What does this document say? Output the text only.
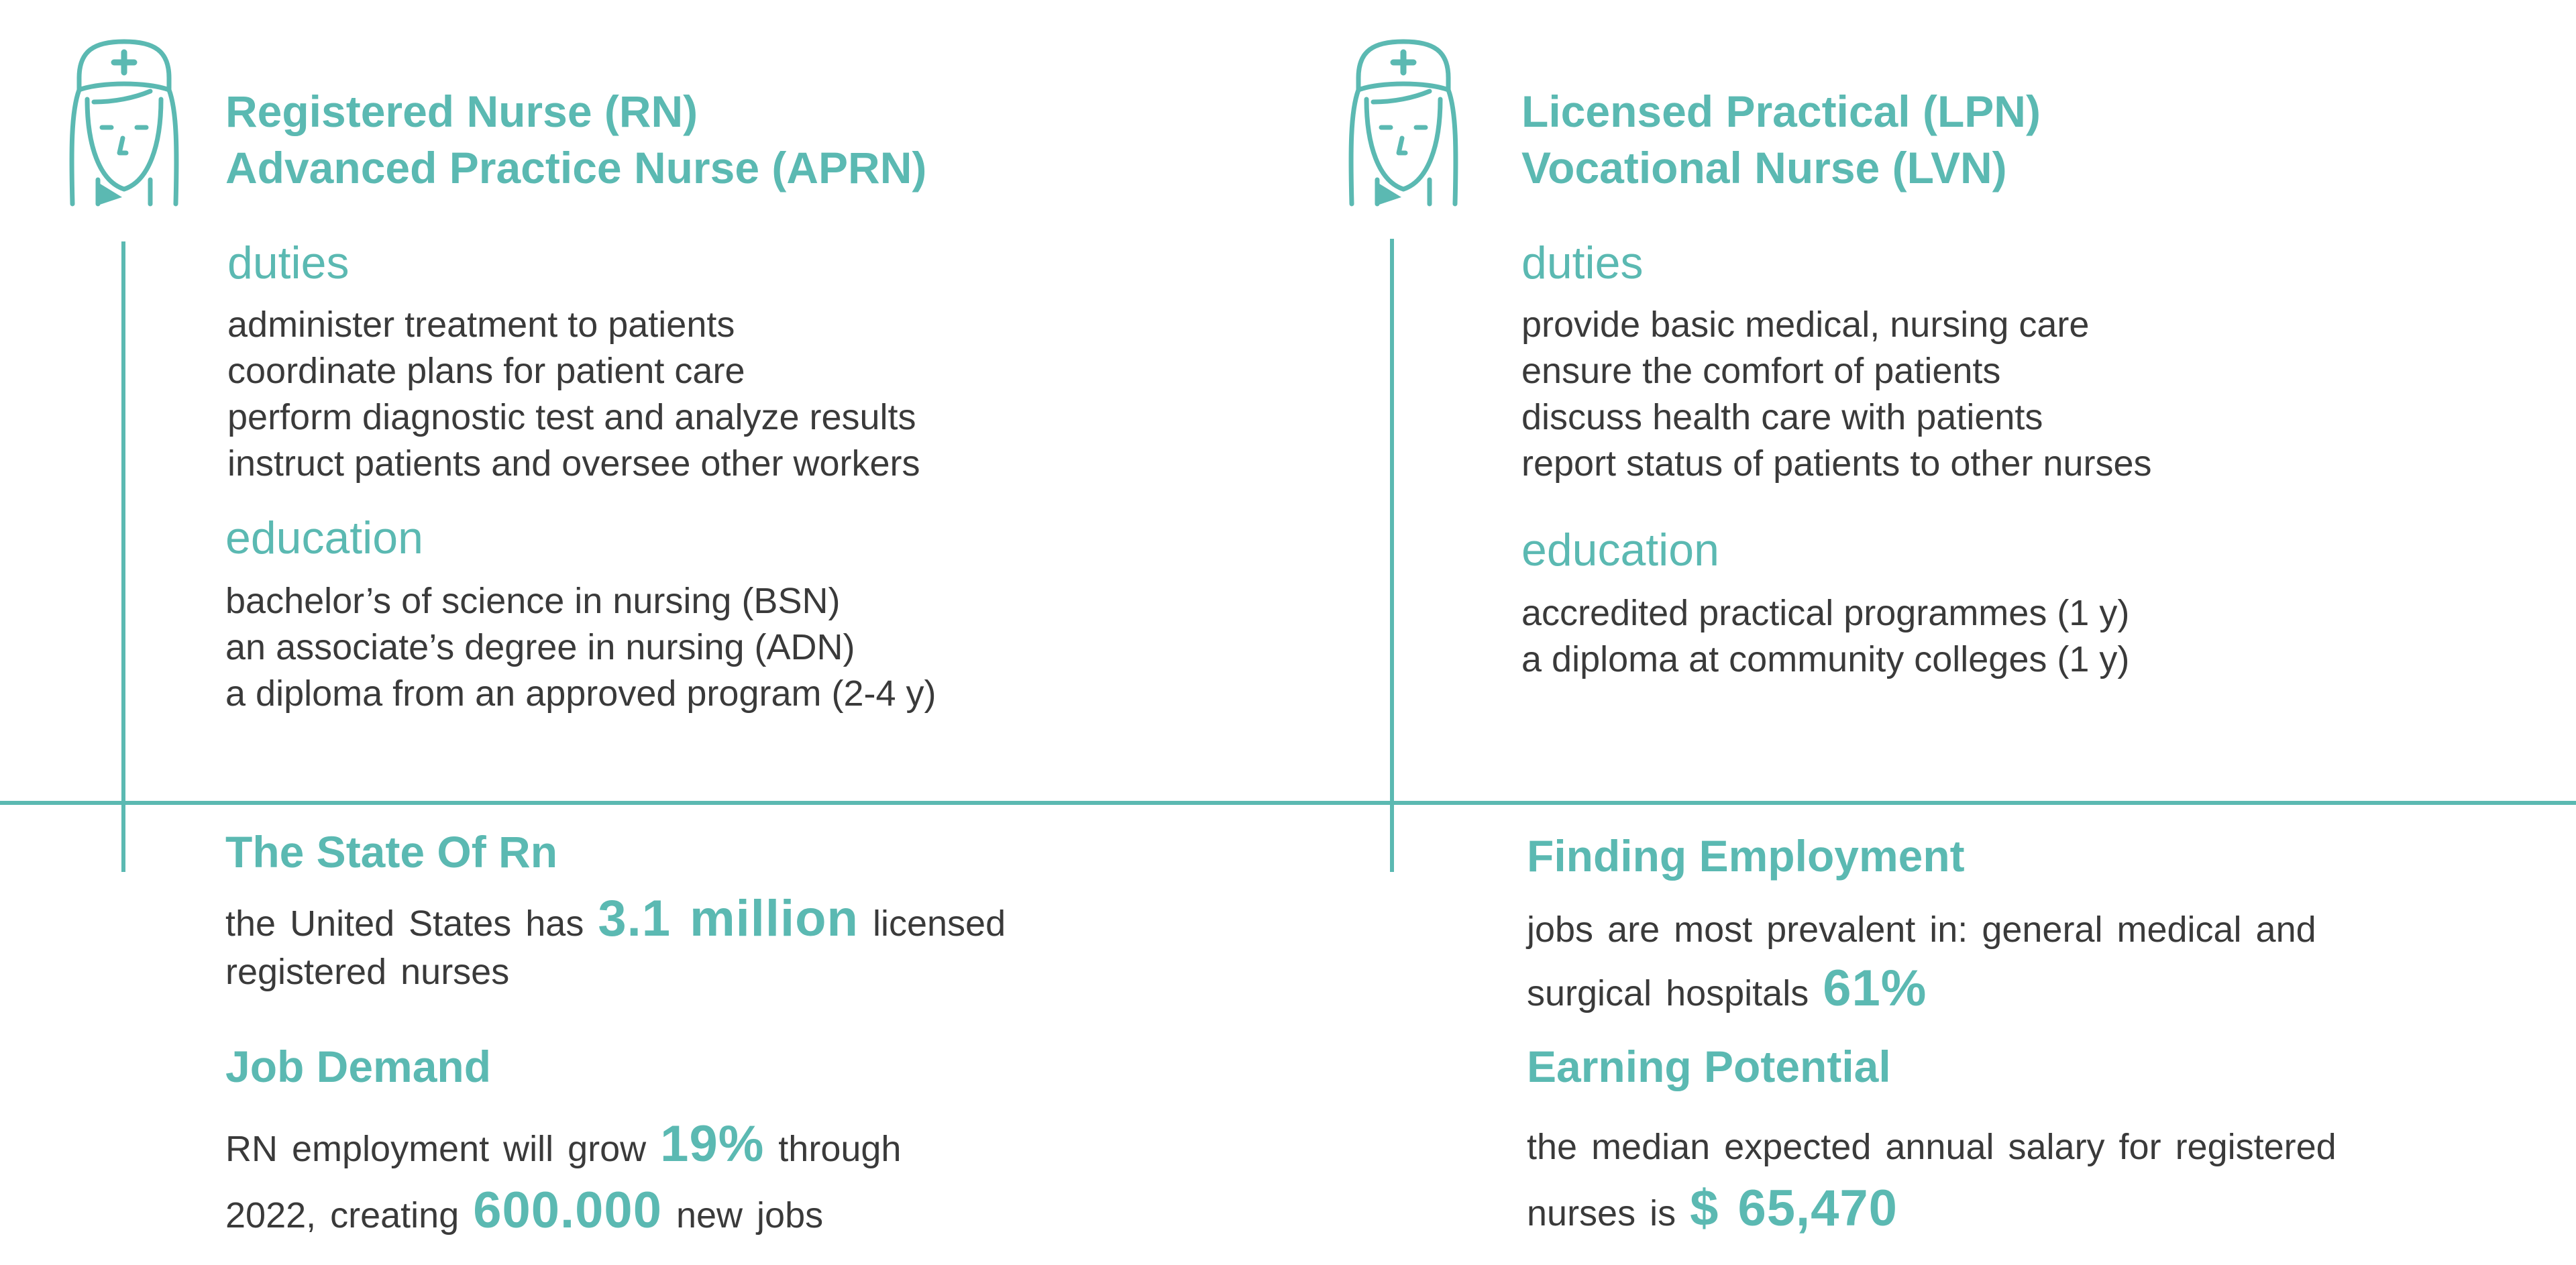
Registered Nurse (RN)
Advanced Practice Nurse (APRN)
duties
administer treatment to patients
coordinate plans for patient care
perform diagnostic test and analyze results
instruct patients and oversee other workers
education
bachelor’s of science in nursing (BSN)
an associate’s degree in nursing (ADN)
a diploma from an approved program (2-4 y)
Licensed Practical (LPN)
Vocational Nurse (LVN)
duties
provide basic medical, nursing care
ensure the comfort of patients
discuss health care with patients
report status of patients to other nurses
education
accredited practical programmes (1 y)
a diploma at community colleges (1 y)
The State Of Rn

the United States has 3.1 million licensed registered nurses

Job Demand

RN employment will grow 19% through 2022, creating 600.000 new jobs

Finding Employment

jobs are most prevalent in: general medical and surgical hospitals 61%

Earning Potential

the median expected annual salary for registered nurses is $ 65,470
